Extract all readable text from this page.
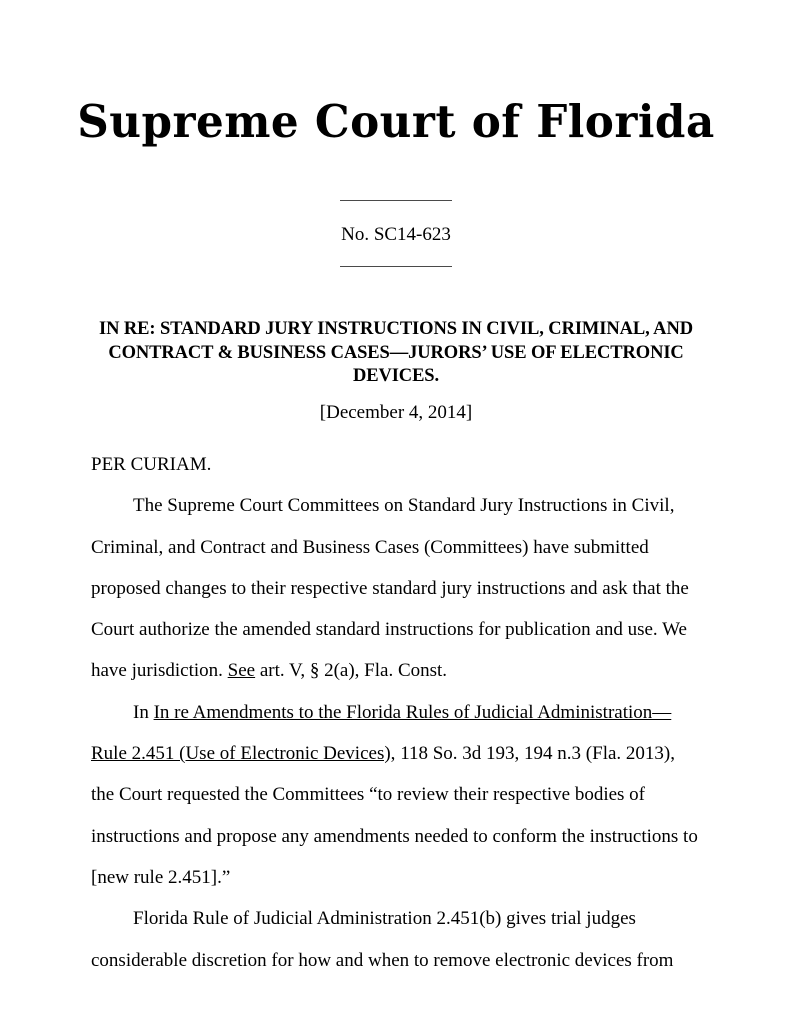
Supreme Court of Florida
No. SC14-623
IN RE: STANDARD JURY INSTRUCTIONS IN CIVIL, CRIMINAL, AND CONTRACT & BUSINESS CASES—JURORS’ USE OF ELECTRONIC DEVICES.
[December 4, 2014]

PER CURIAM.

The Supreme Court Committees on Standard Jury Instructions in Civil, Criminal, and Contract and Business Cases (Committees) have submitted proposed changes to their respective standard jury instructions and ask that the Court authorize the amended standard instructions for publication and use. We have jurisdiction. See art. V, § 2(a), Fla. Const.

In In re Amendments to the Florida Rules of Judicial Administration—Rule 2.451 (Use of Electronic Devices), 118 So. 3d 193, 194 n.3 (Fla. 2013), the Court requested the Committees “to review their respective bodies of instructions and propose any amendments needed to conform the instructions to [new rule 2.451].”

Florida Rule of Judicial Administration 2.451(b) gives trial judges considerable discretion for how and when to remove electronic devices from
